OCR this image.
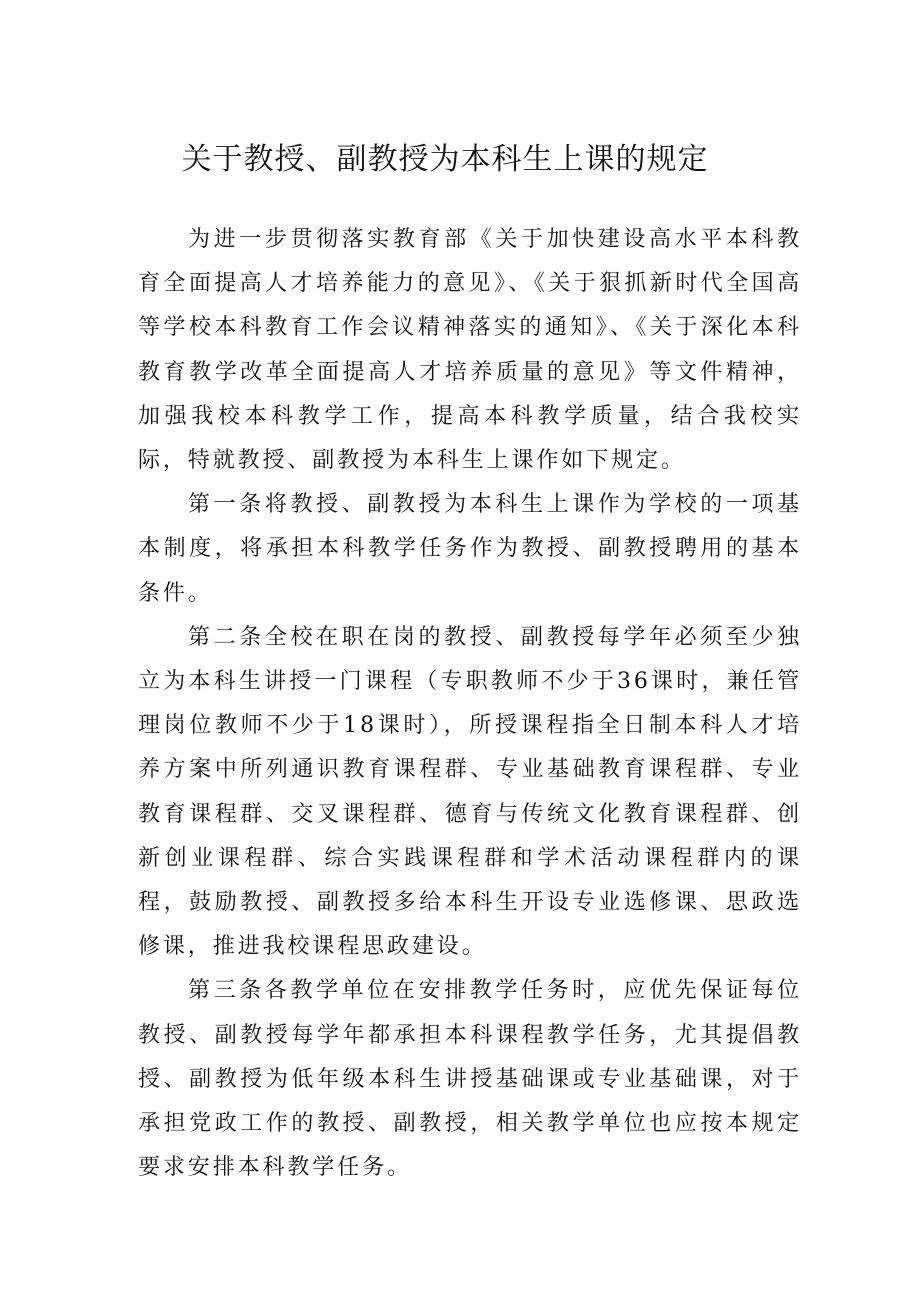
关于教授、副教授为本科生上课的规定

为进一步贯彻落实教育部《关于加快建设高水平本科教育全面提高人才培养能力的意见》、《关于狠抓新时代全国高等学校本科教育工作会议精神落实的通知》、《关于深化本科教育教学改革全面提高人才培养质量的意见》等文件精神，加强我校本科教学工作，提高本科教学质量，结合我校实际，特就教授、副教授为本科生上课作如下规定。

第一条将教授、副教授为本科生上课作为学校的一项基本制度，将承担本科教学任务作为教授、副教授聘用的基本条件。

第二条全校在职在岗的教授、副教授每学年必须至少独立为本科生讲授一门课程（专职教师不少于36课时，兼任管理岗位教师不少于18课时），所授课程指全日制本科人才培养方案中所列通识教育课程群、专业基础教育课程群、专业教育课程群、交叉课程群、德育与传统文化教育课程群、创新创业课程群、综合实践课程群和学术活动课程群内的课程，鼓励教授、副教授多给本科生开设专业选修课、思政选修课，推进我校课程思政建设。

第三条各教学单位在安排教学任务时，应优先保证每位教授、副教授每学年都承担本科课程教学任务，尤其提倡教授、副教授为低年级本科生讲授基础课或专业基础课，对于承担党政工作的教授、副教授，相关教学单位也应按本规定要求安排本科教学任务。
